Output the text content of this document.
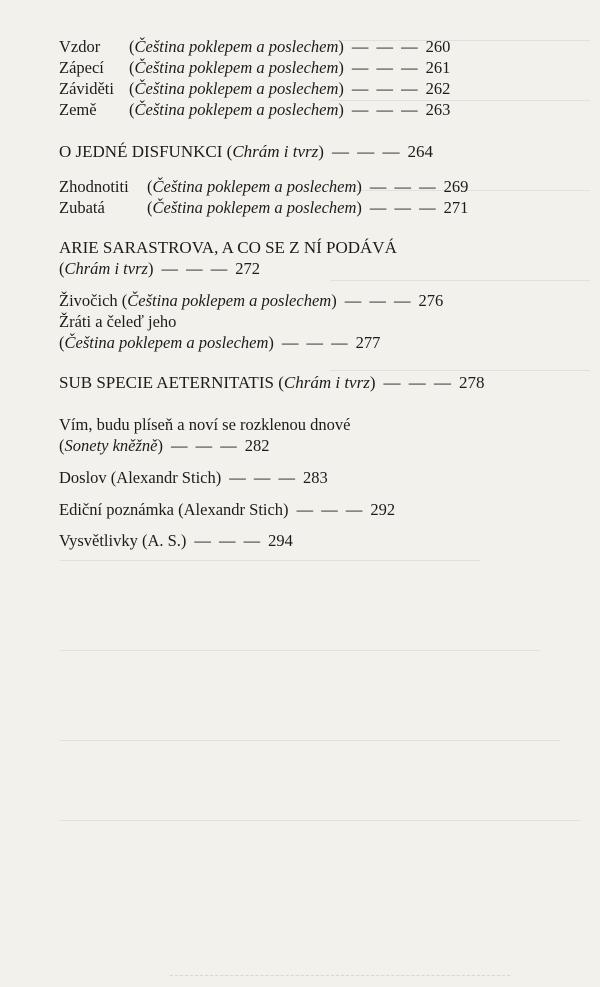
Vzdor (Čeština poklepem a poslechem) — — — 260
Zápecí (Čeština poklepem a poslechem) — — — 261
Záviděti (Čeština poklepem a poslechem) — — — 262
Země (Čeština poklepem a poslechem) — — — 263
O JEDNÉ DISFUNKCI (Chrám i tvrz) — — — 264
Zhodnotiti (Čeština poklepem a poslechem) — — — 269
Zubatá	(Čeština poklepem a poslechem) — — — 271
ARIE SARASTROVA, A CO SE Z NÍ PODÁVÁ
(Chrám i tvrz) — — — 272
Živočich (Čeština poklepem a poslechem) — — — 276
Žráti a čeleď jeho
(Čeština poklepem a poslechem) — — — 277
SUB SPECIE AETERNITATIS (Chrám i tvrz) — — — 278
Vím, budu plíseň a noví se rozklenou dnové
(Sonety kněžně) — — — 282
Doslov (Alexandr Stich) — — — 283
Ediční poznámka (Alexandr Stich) — — — 292
Vysvětlivky (A. S.) — — — 294
